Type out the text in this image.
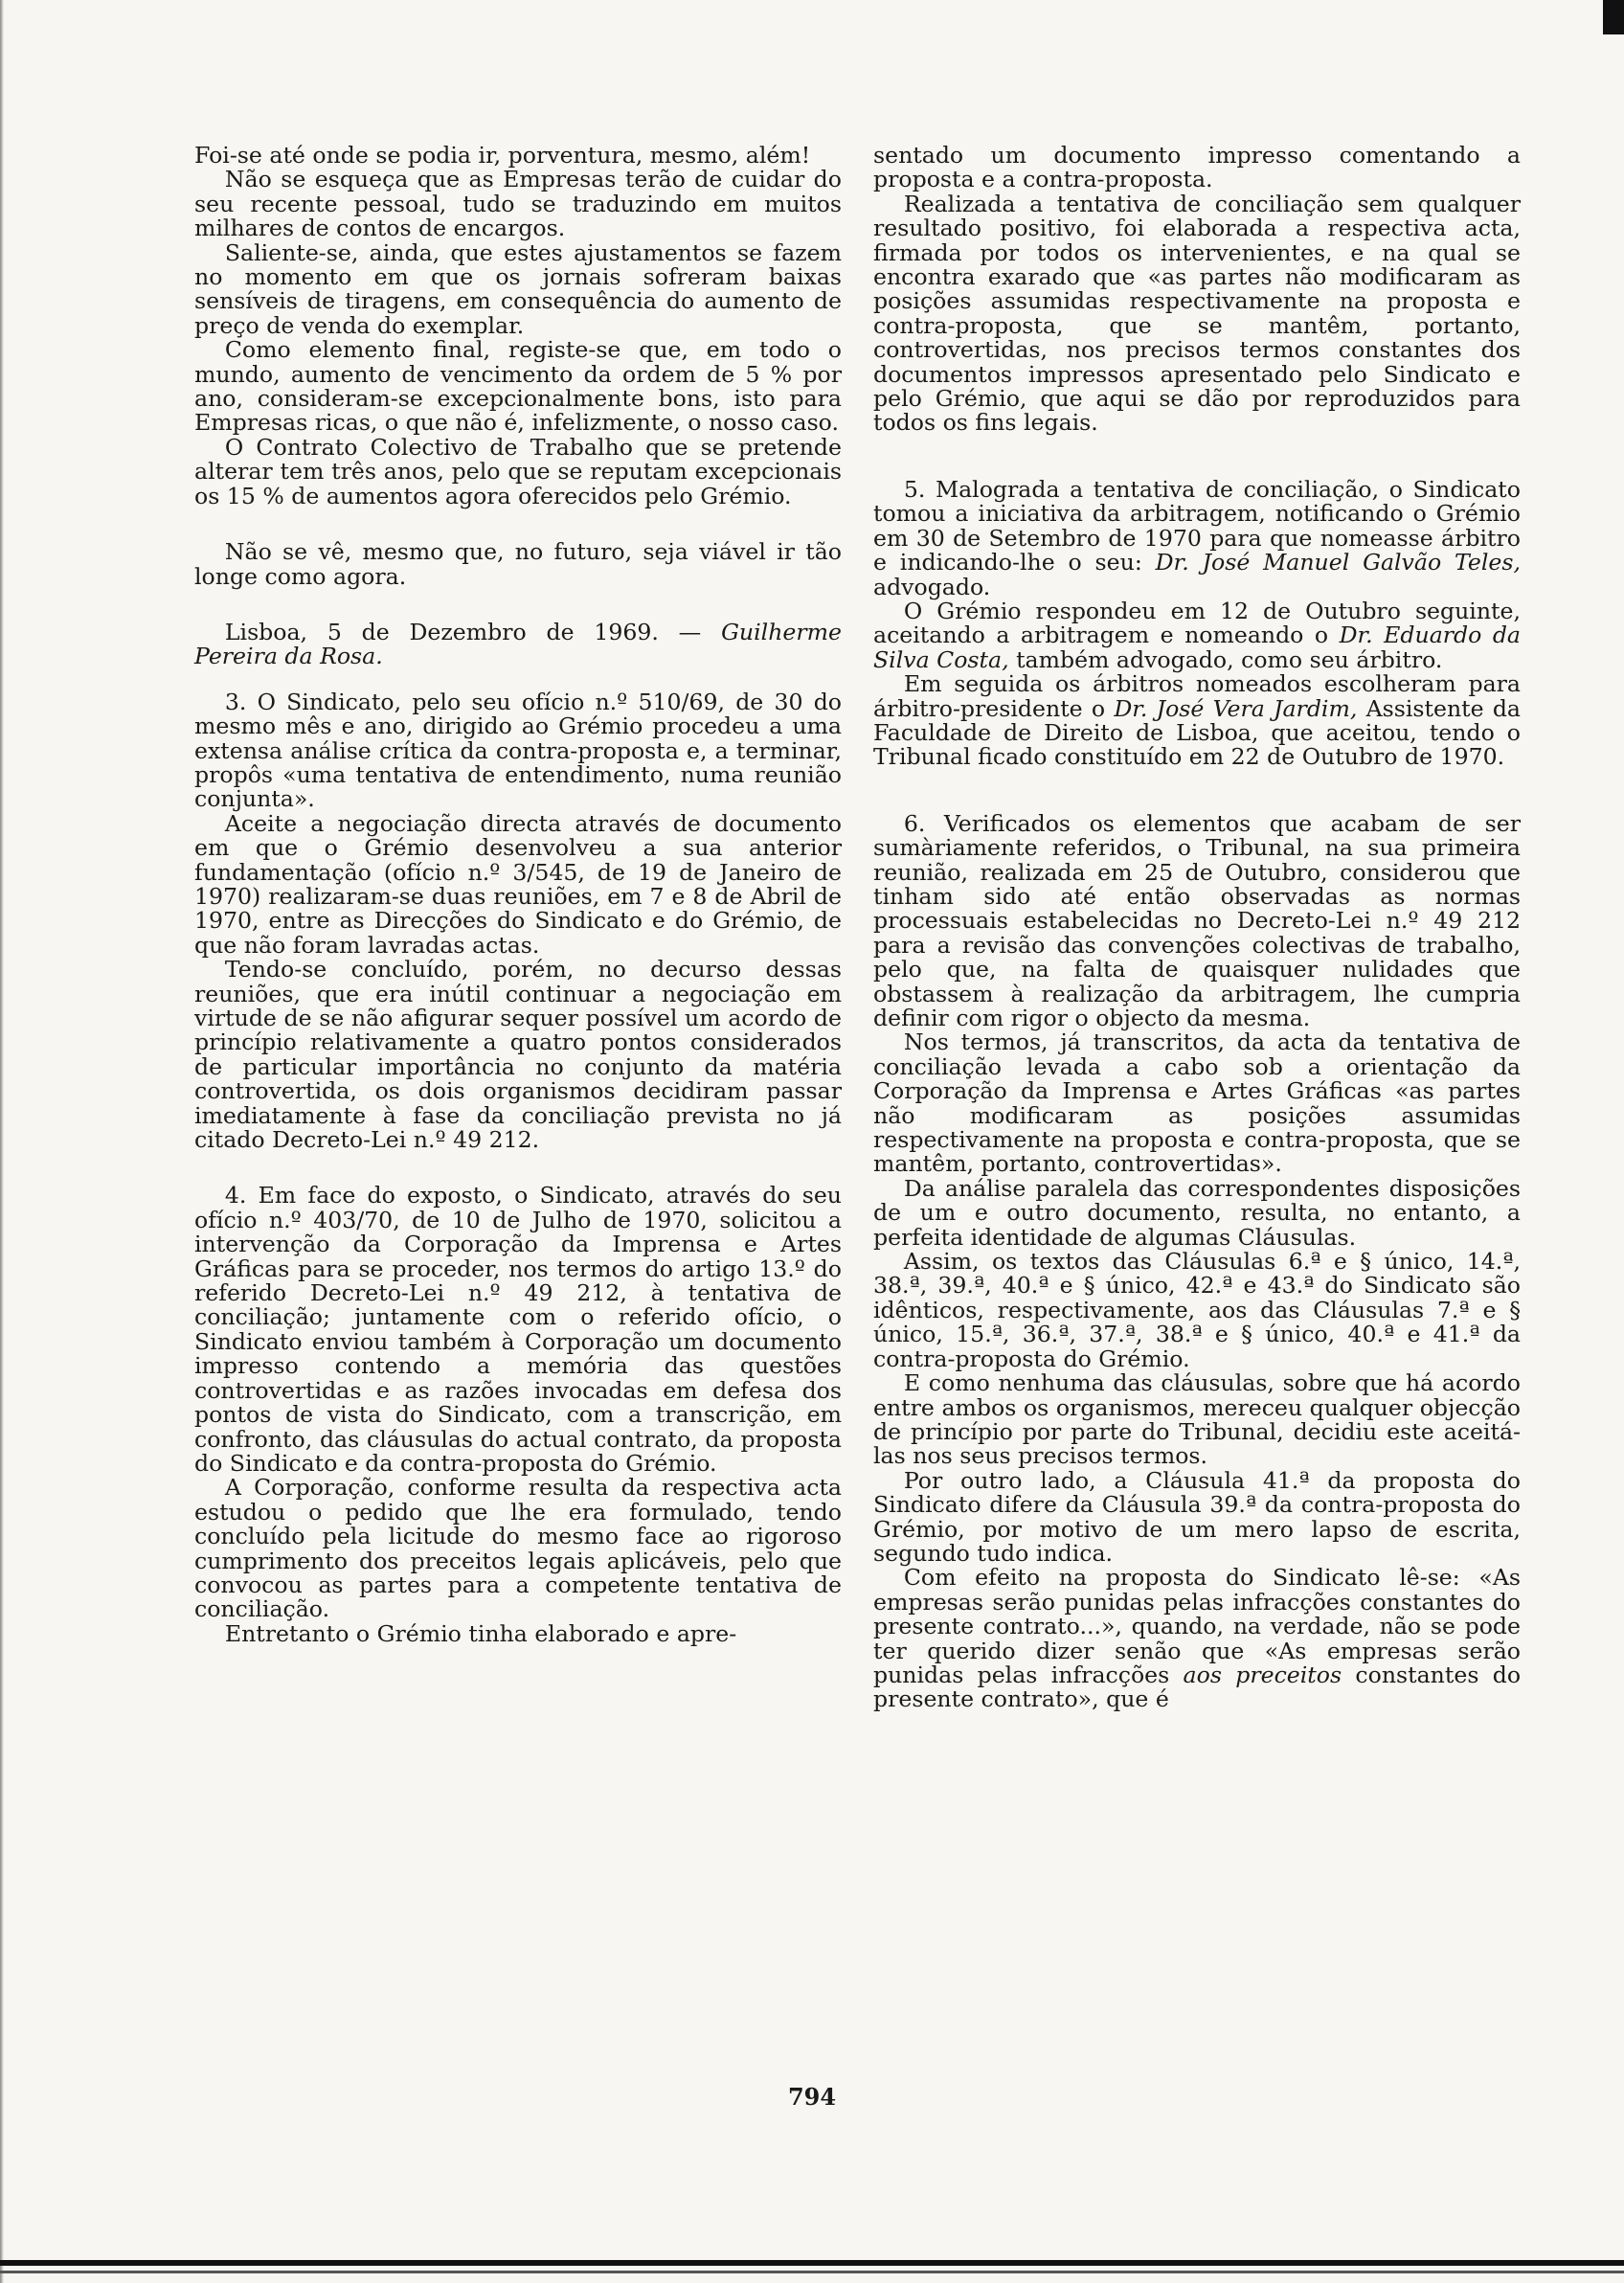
Foi-se até onde se podia ir, porventura, mesmo, além!

Não se esqueça que as Empresas terão de cuidar do seu recente pessoal, tudo se traduzindo em muitos milhares de contos de encargos.

Saliente-se, ainda, que estes ajustamentos se fazem no momento em que os jornais sofreram baixas sensíveis de tiragens, em consequência do aumento de preço de venda do exemplar.

Como elemento final, registe-se que, em todo o mundo, aumento de vencimento da ordem de 5 % por ano, consideram-se excepcionalmente bons, isto para Empresas ricas, o que não é, infelizmente, o nosso caso.

O Contrato Colectivo de Trabalho que se pretende alterar tem três anos, pelo que se reputam excepcionais os 15 % de aumentos agora oferecidos pelo Grémio.

Não se vê, mesmo que, no futuro, seja viável ir tão longe como agora.

Lisboa, 5 de Dezembro de 1969. — Guilherme Pereira da Rosa.

3. O Sindicato, pelo seu ofício n.º 510/69, de 30 do mesmo mês e ano, dirigido ao Grémio procedeu a uma extensa análise crítica da contra-proposta e, a terminar, propôs «uma tentativa de entendimento, numa reunião conjunta».

Aceite a negociação directa através de documento em que o Grémio desenvolveu a sua anterior fundamentação (ofício n.º 3/545, de 19 de Janeiro de 1970) realizaram-se duas reuniões, em 7 e 8 de Abril de 1970, entre as Direcções do Sindicato e do Grémio, de que não foram lavradas actas.

Tendo-se concluído, porém, no decurso dessas reuniões, que era inútil continuar a negociação em virtude de se não afigurar sequer possível um acordo de princípio relativamente a quatro pontos considerados de particular importância no conjunto da matéria controvertida, os dois organismos decidiram passar imediatamente à fase da conciliação prevista no já citado Decreto-Lei n.º 49 212.

4. Em face do exposto, o Sindicato, através do seu ofício n.º 403/70, de 10 de Julho de 1970, solicitou a intervenção da Corporação da Imprensa e Artes Gráficas para se proceder, nos termos do artigo 13.º do referido Decreto-Lei n.º 49 212, à tentativa de conciliação; juntamente com o referido ofício, o Sindicato enviou também à Corporação um documento impresso contendo a memória das questões controvertidas e as razões invocadas em defesa dos pontos de vista do Sindicato, com a transcrição, em confronto, das cláusulas do actual contrato, da proposta do Sindicato e da contra-proposta do Grémio.

A Corporação, conforme resulta da respectiva acta estudou o pedido que lhe era formulado, tendo concluído pela licitude do mesmo face ao rigoroso cumprimento dos preceitos legais aplicáveis, pelo que convocou as partes para a competente tentativa de conciliação.

Entretanto o Grémio tinha elaborado e apre-

sentado um documento impresso comentando a proposta e a contra-proposta.

Realizada a tentativa de conciliação sem qualquer resultado positivo, foi elaborada a respectiva acta, firmada por todos os intervenientes, e na qual se encontra exarado que «as partes não modificaram as posições assumidas respectivamente na proposta e contra-proposta, que se mantêm, portanto, controvertidas, nos precisos termos constantes dos documentos impressos apresentado pelo Sindicato e pelo Grémio, que aqui se dão por reproduzidos para todos os fins legais.

5. Malograda a tentativa de conciliação, o Sindicato tomou a iniciativa da arbitragem, notificando o Grémio em 30 de Setembro de 1970 para que nomeasse árbitro e indicando-lhe o seu: Dr. José Manuel Galvão Teles, advogado.

O Grémio respondeu em 12 de Outubro seguinte, aceitando a arbitragem e nomeando o Dr. Eduardo da Silva Costa, também advogado, como seu árbitro.

Em seguida os árbitros nomeados escolheram para árbitro-presidente o Dr. José Vera Jardim, Assistente da Faculdade de Direito de Lisboa, que aceitou, tendo o Tribunal ficado constituído em 22 de Outubro de 1970.

6. Verificados os elementos que acabam de ser sumàriamente referidos, o Tribunal, na sua primeira reunião, realizada em 25 de Outubro, considerou que tinham sido até então observadas as normas processuais estabelecidas no Decreto-Lei n.º 49 212 para a revisão das convenções colectivas de trabalho, pelo que, na falta de quaisquer nulidades que obstassem à realização da arbitragem, lhe cumpria definir com rigor o objecto da mesma.

Nos termos, já transcritos, da acta da tentativa de conciliação levada a cabo sob a orientação da Corporação da Imprensa e Artes Gráficas «as partes não modificaram as posições assumidas respectivamente na proposta e contra-proposta, que se mantêm, portanto, controvertidas».

Da análise paralela das correspondentes disposições de um e outro documento, resulta, no entanto, a perfeita identidade de algumas Cláusulas.

Assim, os textos das Cláusulas 6.ª e § único, 14.ª, 38.ª, 39.ª, 40.ª e § único, 42.ª e 43.ª do Sindicato são idênticos, respectivamente, aos das Cláusulas 7.ª e § único, 15.ª, 36.ª, 37.ª, 38.ª e § único, 40.ª e 41.ª da contra-proposta do Grémio.

E como nenhuma das cláusulas, sobre que há acordo entre ambos os organismos, mereceu qualquer objecção de princípio por parte do Tribunal, decidiu este aceitá-las nos seus precisos termos.

Por outro lado, a Cláusula 41.ª da proposta do Sindicato difere da Cláusula 39.ª da contra-proposta do Grémio, por motivo de um mero lapso de escrita, segundo tudo indica.

Com efeito na proposta do Sindicato lê-se: «As empresas serão punidas pelas infracções constantes do presente contrato...», quando, na verdade, não se pode ter querido dizer senão que «As empresas serão punidas pelas infracções aos preceitos constantes do presente contrato», que é

794
